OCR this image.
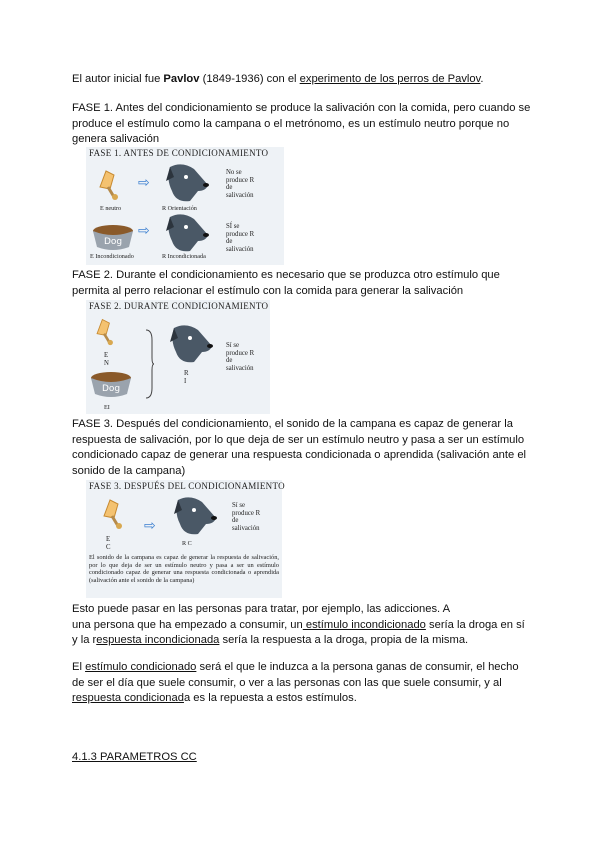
El autor inicial fue Pavlov (1849-1936) con el experimento de los perros de Pavlov.

FASE 1. Antes del condicionamiento se produce la salivación con la comida, pero cuando se produce el estímulo como la campana o el metrónomo, es un estímulo neutro porque no genera salivación

FASE 1. ANTES DE CONDICIONAMIENTO
E neutro
⇨
R Orientación
No se
produce R
de
salivación
Dog
E Incondicionado
⇨
R Incondicionada
SÍ se
produce R
de
salivación

FASE 2. Durante el condicionamiento es necesario que se produzca otro estímulo que permita al perro relacionar el estímulo con la comida para generar la salivación

FASE 2. DURANTE CONDICIONAMIENTO
E
N
Sí se
produce R
de
salivación
R
I
Dog
EI

FASE 3. Después del condicionamiento, el sonido de la campana es capaz de generar la respuesta de salivación, por lo que deja de ser un estímulo neutro y pasa a ser un estímulo condicionado capaz de generar una respuesta condicionada o aprendida (salivación ante el sonido de la campana)

FASE 3. DESPUÉS DEL CONDICIONAMIENTO
E
C
⇨
R C
Sí se
produce R
de
salivación
El sonido de la campana es capaz de generar la respuesta de salivación, por lo que deja de ser un estímulo neutro y pasa a ser un estímulo condicionado capaz de generar una respuesta condicionada o aprendida (salivación ante el sonido de la campana)
Esto puede pasar en las personas para tratar, por ejemplo, las adicciones. A
una persona que ha empezado a consumir, un estímulo incondicionado sería la droga en sí
y la respuesta incondicionada sería la respuesta a la droga, propia de la misma.

El estímulo condicionado será el que le induzca a la persona ganas de consumir, el hecho de ser el día que suele consumir, o ver a las personas con las que suele consumir, y al respuesta condicionada es la repuesta a estos estímulos.

4.1.3 PARAMETROS CC
